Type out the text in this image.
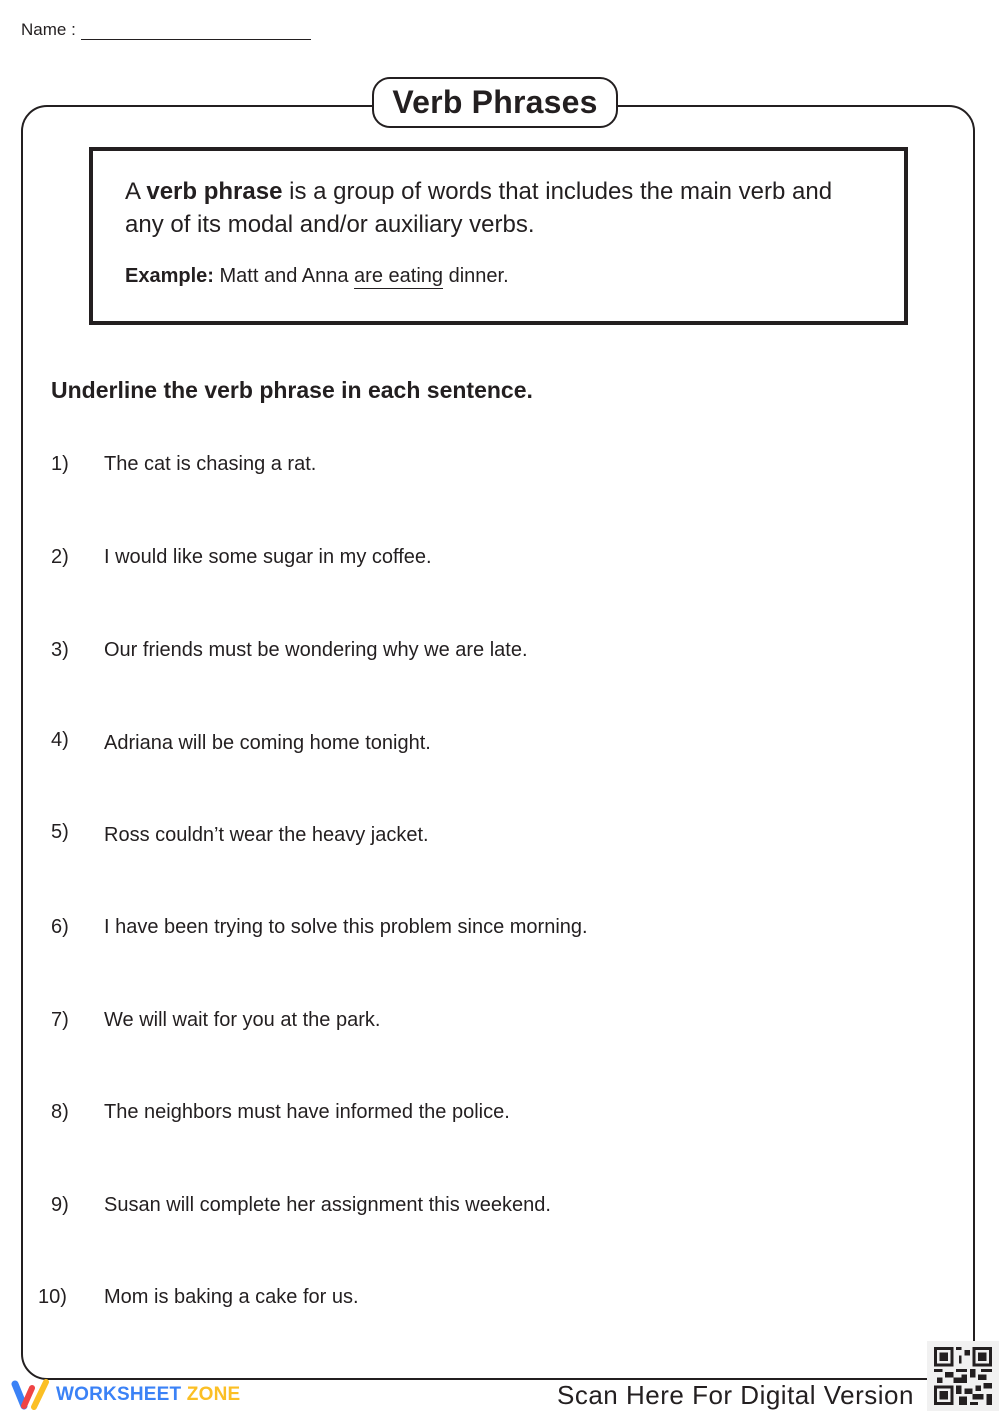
Name :
Verb Phrases
A verb phrase is a group of words that includes the main verb and any of its modal and/or auxiliary verbs.
Example: Matt and Anna are eating dinner.
Underline the verb phrase in each sentence.
1) The cat is chasing a rat.
2) I would like some sugar in my coffee.
3) Our friends must be wondering why we are late.
4) Adriana will be coming home tonight.
5) Ross couldn’t wear the heavy jacket.
6) I have been trying to solve this problem since morning.
7) We will wait for you at the park.
8) The neighbors must have informed the police.
9) Susan will complete her assignment this weekend.
10) Mom is baking a cake for us.
WORKSHEET ZONE	Scan Here For Digital Version
